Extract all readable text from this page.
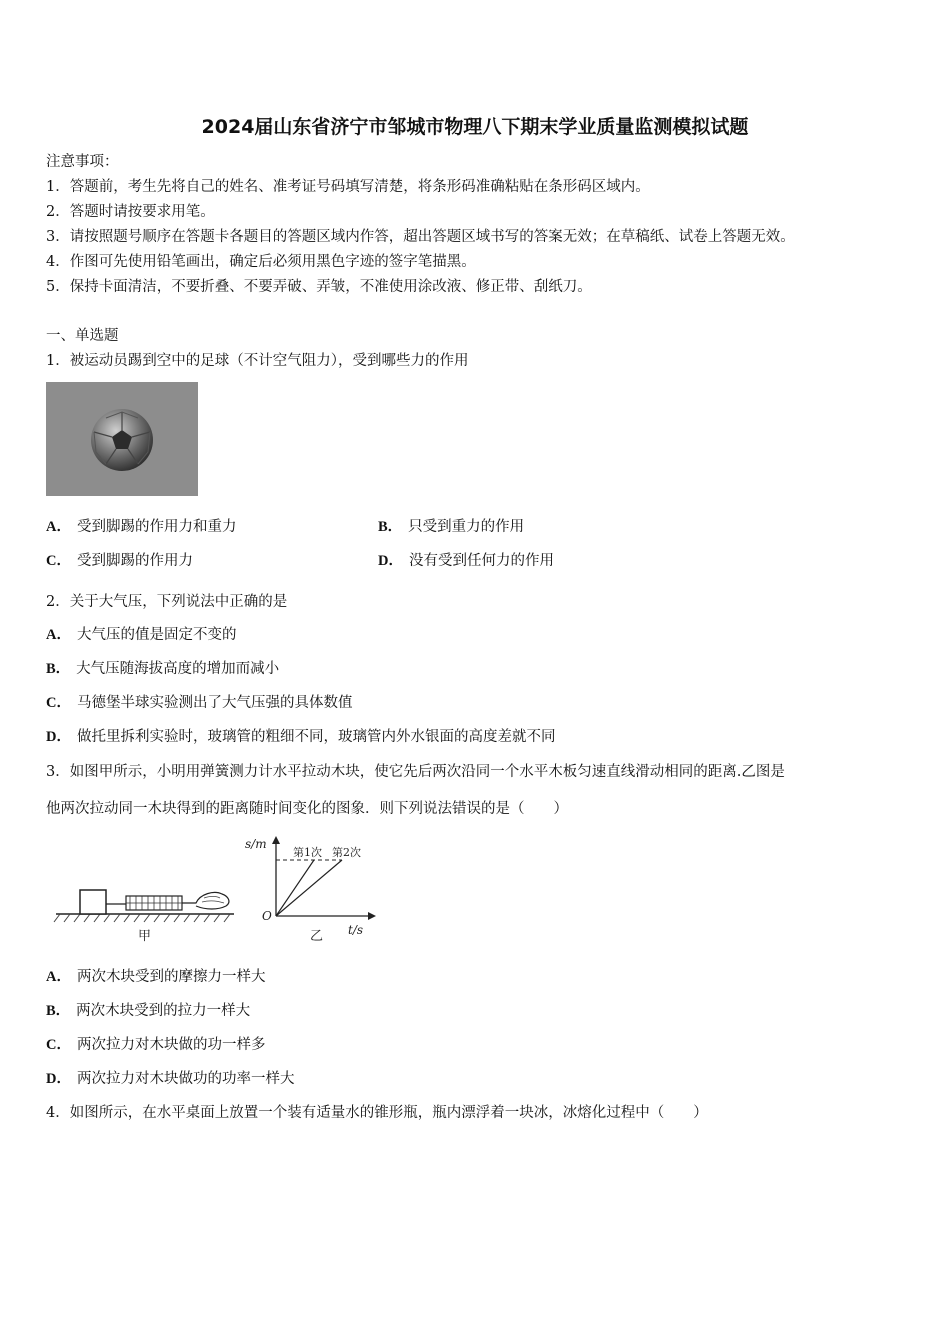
2024届山东省济宁市邹城市物理八下期末学业质量监测模拟试题
注意事项：
1．答题前，考生先将自己的姓名、准考证号码填写清楚，将条形码准确粘贴在条形码区域内。
2．答题时请按要求用笔。
3．请按照题号顺序在答题卡各题目的答题区域内作答，超出答题区域书写的答案无效；在草稿纸、试卷上答题无效。
4．作图可先使用铅笔画出，确定后必须用黑色字迹的签字笔描黑。
5．保持卡面清洁，不要折叠、不要弄破、弄皱，不准使用涂改液、修正带、刮纸刀。
一、单选题
1．被运动员踢到空中的足球（不计空气阻力），受到哪些力的作用
A． 受到脚踢的作用力和重力	B． 只受到重力的作用
C． 受到脚踢的作用力	D． 没有受到任何力的作用
2．关于大气压，下列说法中正确的是
A． 大气压的值是固定不变的
B． 大气压随海拔高度的增加而减小
C． 马德堡半球实验测出了大气压强的具体数值
D． 做托里拆利实验时，玻璃管的粗细不同，玻璃管内外水银面的高度差就不同
3．如图甲所示，小明用弹簧测力计水平拉动木块，使它先后两次沿同一个水平木板匀速直线滑动相同的距离.乙图是
他两次拉动同一木块得到的距离随时间变化的图象．则下列说法错误的是（　　）
甲
s/m
第1次 第2次
O
乙 t/s
A． 两次木块受到的摩擦力一样大
B． 两次木块受到的拉力一样大
C． 两次拉力对木块做的功一样多
D． 两次拉力对木块做功的功率一样大
4．如图所示，在水平桌面上放置一个装有适量水的锥形瓶，瓶内漂浮着一块冰，冰熔化过程中（　　）
